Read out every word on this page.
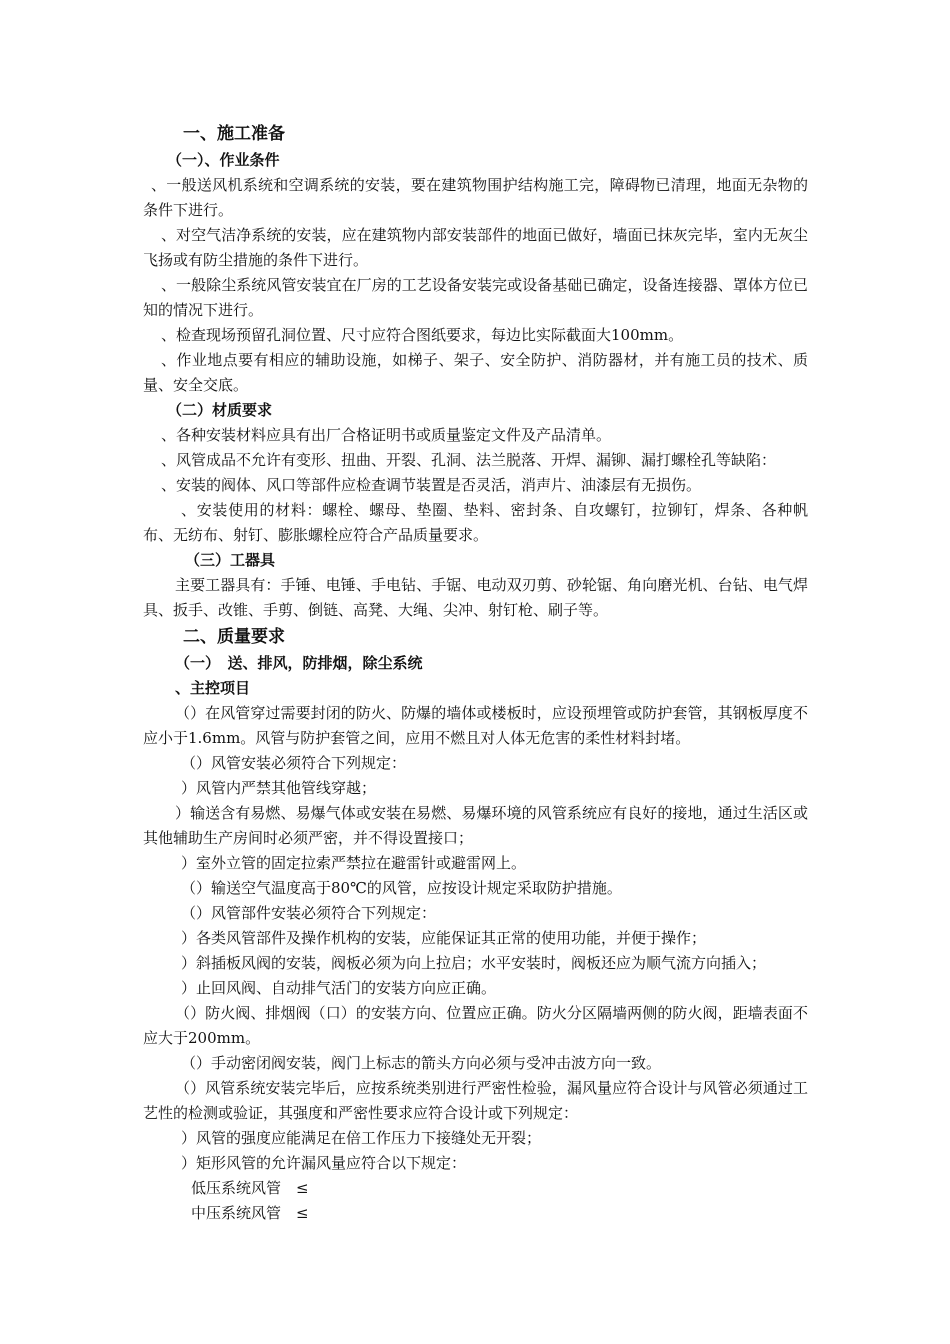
一、施工准备
（一）、作业条件
、一般送风机系统和空调系统的安装，要在建筑物围护结构施工完，障碍物已清理，地面无杂物的条件下进行。
、对空气洁净系统的安装，应在建筑物内部安装部件的地面已做好，墙面已抹灰完毕，室内无灰尘飞扬或有防尘措施的条件下进行。
、一般除尘系统风管安装宜在厂房的工艺设备安装完或设备基础已确定，设备连接器、罩体方位已知的情况下进行。
、检查现场预留孔洞位置、尺寸应符合图纸要求，每边比实际截面大100mm。
、作业地点要有相应的辅助设施，如梯子、架子、安全防护、消防器材，并有施工员的技术、质量、安全交底。
（二）材质要求
、各种安装材料应具有出厂合格证明书或质量鉴定文件及产品清单。
、风管成品不允许有变形、扭曲、开裂、孔洞、法兰脱落、开焊、漏铆、漏打螺栓孔等缺陷：
、安装的阀体、风口等部件应检查调节装置是否灵活，消声片、油漆层有无损伤。
、安装使用的材料：螺栓、螺母、垫圈、垫料、密封条、自攻螺钉，拉铆钉，焊条、各种帆布、无纺布、射钉、膨胀螺栓应符合产品质量要求。
（三）工器具
主要工器具有：手锤、电锤、手电钻、手锯、电动双刃剪、砂轮锯、角向磨光机、台钻、电气焊具、扳手、改锥、手剪、倒链、高凳、大绳、尖冲、射钉枪、刷子等。
二、质量要求
（一）　送、排风，防排烟，除尘系统
、主控项目
（）在风管穿过需要封闭的防火、防爆的墙体或楼板时，应设预埋管或防护套管，其钢板厚度不应小于1.6mm。风管与防护套管之间，应用不燃且对人体无危害的柔性材料封堵。
（）风管安装必须符合下列规定：
）风管内严禁其他管线穿越；
）输送含有易燃、易爆气体或安装在易燃、易爆环境的风管系统应有良好的接地，通过生活区或其他辅助生产房间时必须严密，并不得设置接口；
）室外立管的固定拉索严禁拉在避雷针或避雷网上。
（）输送空气温度高于80℃的风管，应按设计规定采取防护措施。
（）风管部件安装必须符合下列规定：
）各类风管部件及操作机构的安装，应能保证其正常的使用功能，并便于操作；
）斜插板风阀的安装，阀板必须为向上拉启；水平安装时，阀板还应为顺气流方向插入；
）止回风阀、自动排气活门的安装方向应正确。
（）防火阀、排烟阀（口）的安装方向、位置应正确。防火分区隔墙两侧的防火阀，距墙表面不应大于200mm。
（）手动密闭阀安装，阀门上标志的箭头方向必须与受冲击波方向一致。
（）风管系统安装完毕后，应按系统类别进行严密性检验，漏风量应符合设计与风管必须通过工艺性的检测或验证，其强度和严密性要求应符合设计或下列规定：
）风管的强度应能满足在倍工作压力下接缝处无开裂；
）矩形风管的允许漏风量应符合以下规定：
低压系统风管　≤
中压系统风管　≤
